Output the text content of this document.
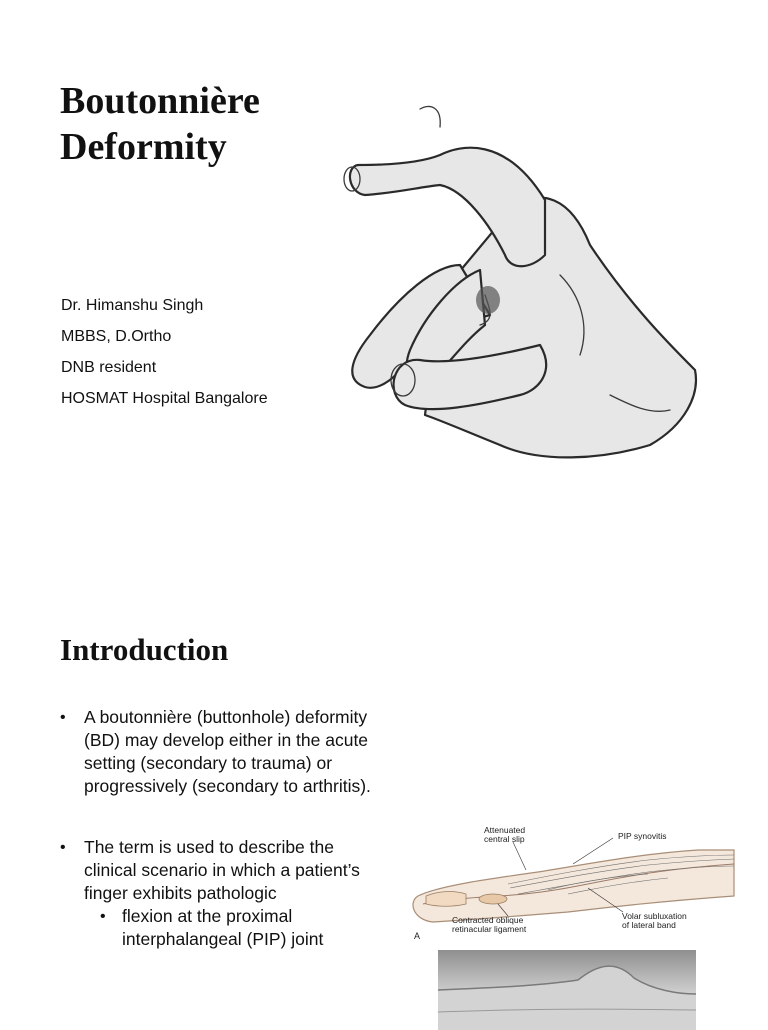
Boutonnière
Deformity
Dr. Himanshu Singh
MBBS, D.Ortho
DNB resident
HOSMAT Hospital Bangalore
Introduction
• A boutonnière (buttonhole) deformity (BD) may develop either in the acute setting (secondary to trauma) or progressively (secondary to arthritis).
• The term is used to describe the clinical scenario in which a patient’s finger exhibits pathologic
• flexion at the proximal interphalangeal (PIP) joint
Attenuated
central slip	PIP synovitis
Contracted oblique
retinacular ligament
Volar subluxation
of lateral band
A
